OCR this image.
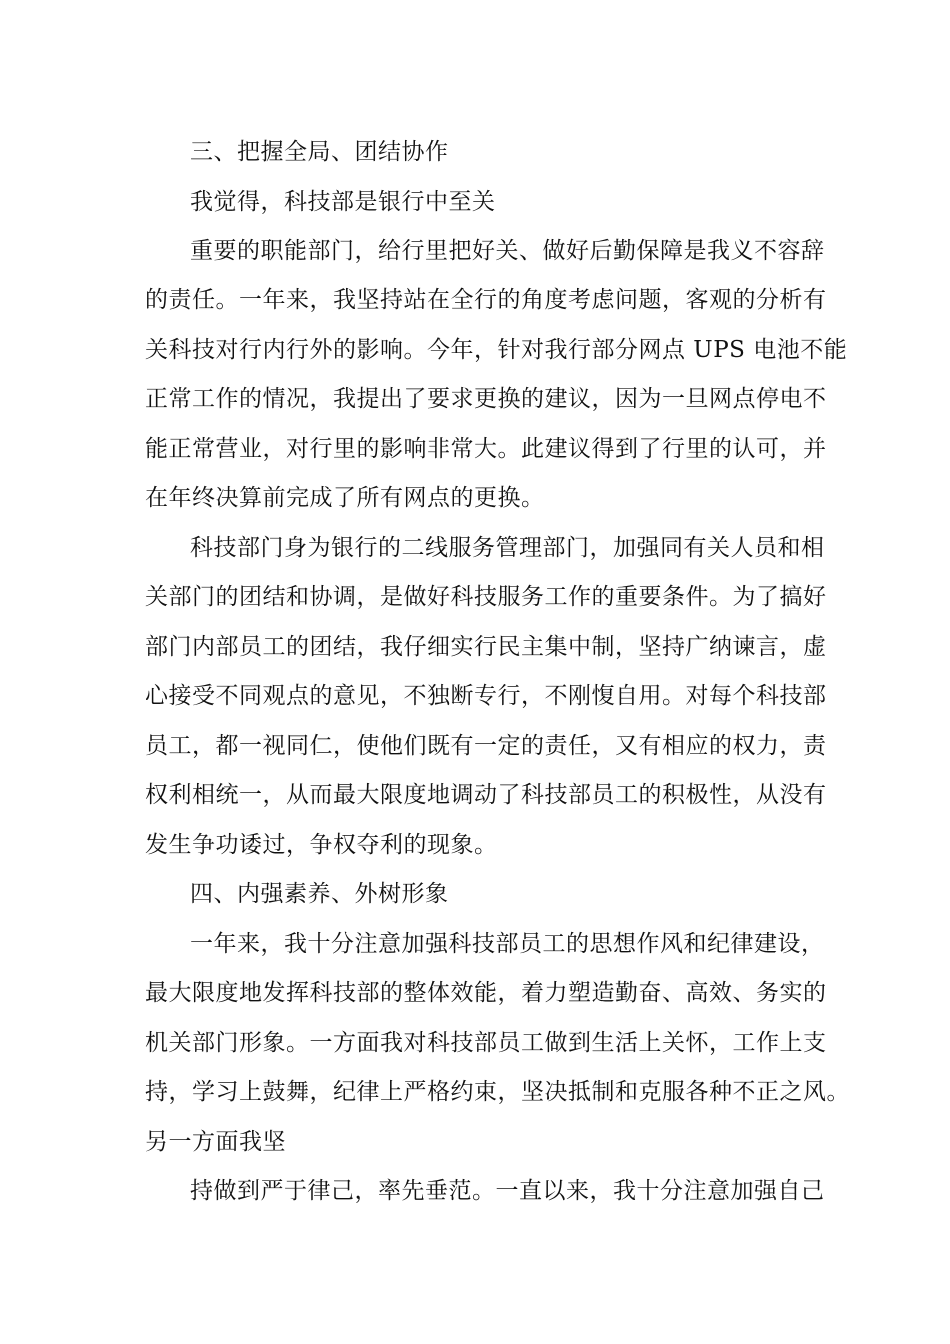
三、把握全局、团结协作
我觉得，科技部是银行中至关
重要的职能部门，给行里把好关、做好后勤保障是我义不容辞
的责任。一年来，我坚持站在全行的角度考虑问题，客观的分析有
关科技对行内行外的影响。今年，针对我行部分网点 UPS 电池不能
正常工作的情况，我提出了要求更换的建议，因为一旦网点停电不
能正常营业，对行里的影响非常大。此建议得到了行里的认可，并
在年终决算前完成了所有网点的更换。
科技部门身为银行的二线服务管理部门，加强同有关人员和相
关部门的团结和协调，是做好科技服务工作的重要条件。为了搞好
部门内部员工的团结，我仔细实行民主集中制，坚持广纳谏言，虚
心接受不同观点的意见，不独断专行，不刚愎自用。对每个科技部
员工，都一视同仁，使他们既有一定的责任，又有相应的权力，责
权利相统一，从而最大限度地调动了科技部员工的积极性，从没有
发生争功诿过，争权夺利的现象。
四、内强素养、外树形象
一年来，我十分注意加强科技部员工的思想作风和纪律建设，
最大限度地发挥科技部的整体效能，着力塑造勤奋、高效、务实的
机关部门形象。一方面我对科技部员工做到生活上关怀，工作上支
持，学习上鼓舞，纪律上严格约束，坚决抵制和克服各种不正之风。
另一方面我坚
持做到严于律己，率先垂范。一直以来，我十分注意加强自己
